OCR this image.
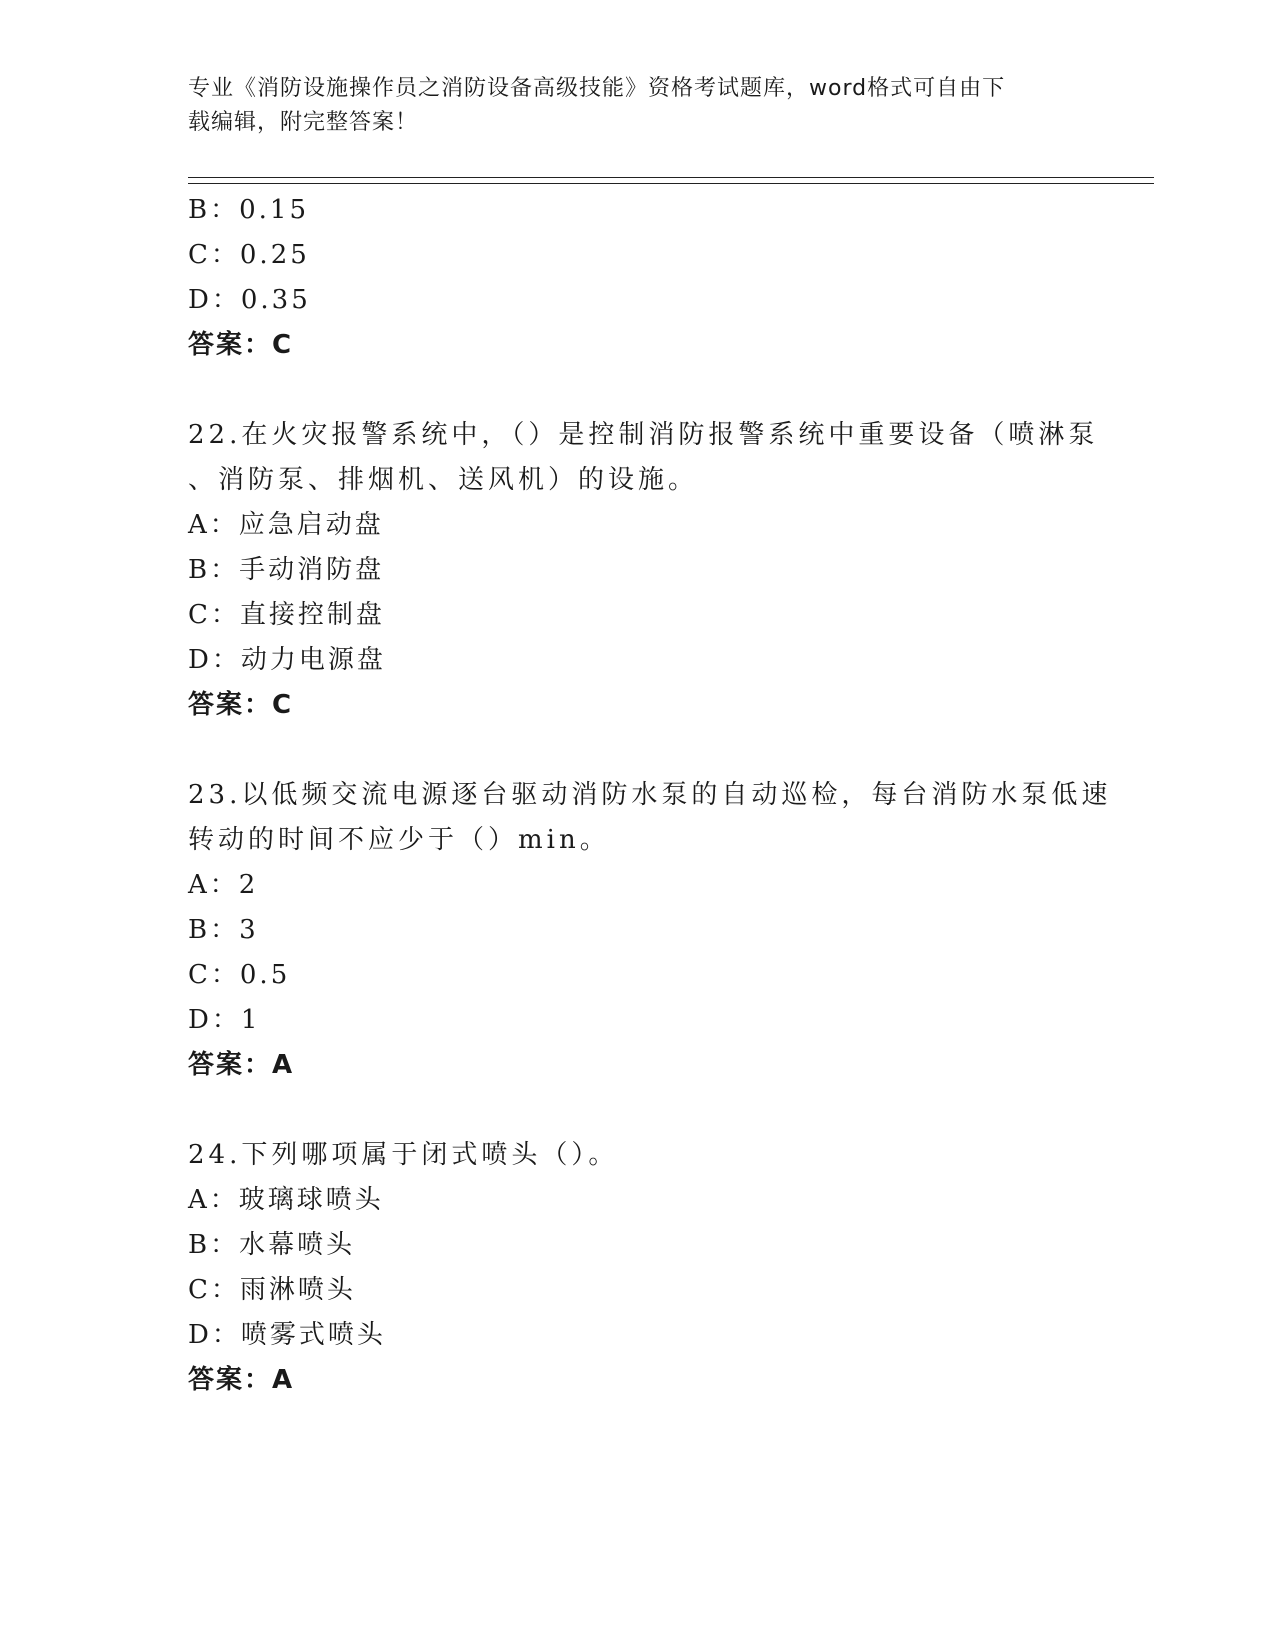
专业《消防设施操作员之消防设备高级技能》资格考试题库，word格式可自由下
载编辑，附完整答案！
B：0.15
C：0.25
D：0.35
答案：C
22.在火灾报警系统中，（）是控制消防报警系统中重要设备（喷淋泵
、消防泵、排烟机、送风机）的设施。
A：应急启动盘
B：手动消防盘
C：直接控制盘
D：动力电源盘
答案：C
23.以低频交流电源逐台驱动消防水泵的自动巡检，每台消防水泵低速
转动的时间不应少于（）min。
A：2
B：3
C：0.5
D：1
答案：A
24.下列哪项属于闭式喷头（）。
A：玻璃球喷头
B：水幕喷头
C：雨淋喷头
D：喷雾式喷头
答案：A
